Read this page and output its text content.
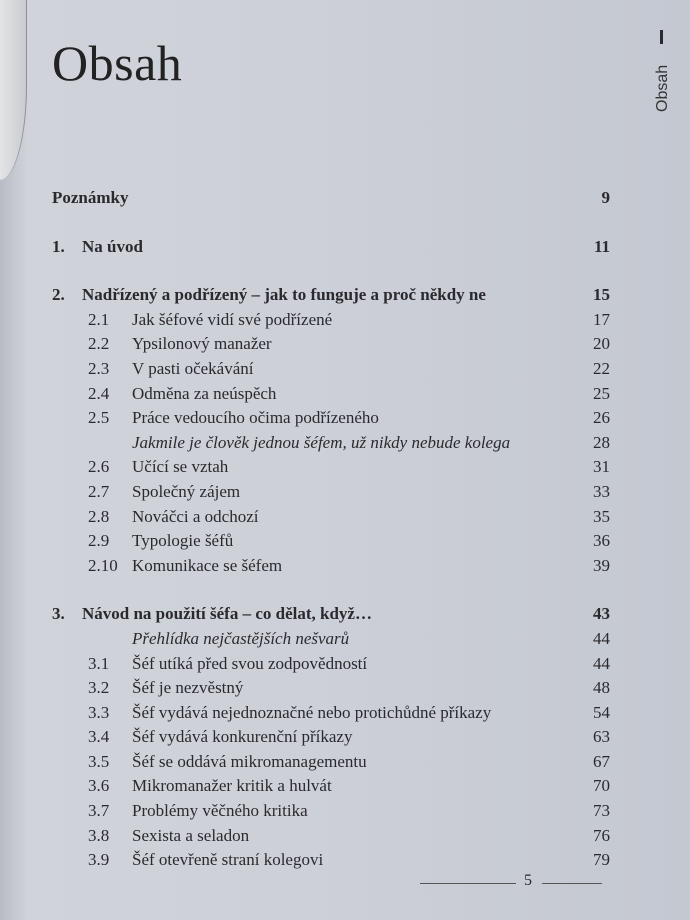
Obsah	Obsah
Poznámky	9
1. Na úvod	11
2. Nadřízený a podřízený – jak to funguje a proč někdy ne	15
2.1 Jak šéfové vidí své podřízené	17
2.2 Ypsilonový manažer	20
2.3 V pasti očekávání	22
2.4 Odměna za neúspěch	25
2.5 Práce vedoucího očima podřízeného	26
Jakmile je člověk jednou šéfem, už nikdy nebude kolega	28
2.6 Učící se vztah	31
2.7 Společný zájem	33
2.8 Nováčci a odchozí	35
2.9 Typologie šéfů	36
2.10 Komunikace se šéfem	39
3. Návod na použití šéfa – co dělat, když…	43
Přehlídka nejčastějších nešvarů	44
3.1 Šéf utíká před svou zodpovědností	44
3.2 Šéf je nezvěstný	48
3.3 Šéf vydává nejednoznačné nebo protichůdné příkazy	54
3.4 Šéf vydává konkurenční příkazy	63
3.5 Šéf se oddává mikromanagementu	67
3.6 Mikromanažer kritik a hulvát	70
3.7 Problémy věčného kritika	73
3.8 Sexista a seladon	76
3.9 Šéf otevřeně straní kolegovi	79
5
